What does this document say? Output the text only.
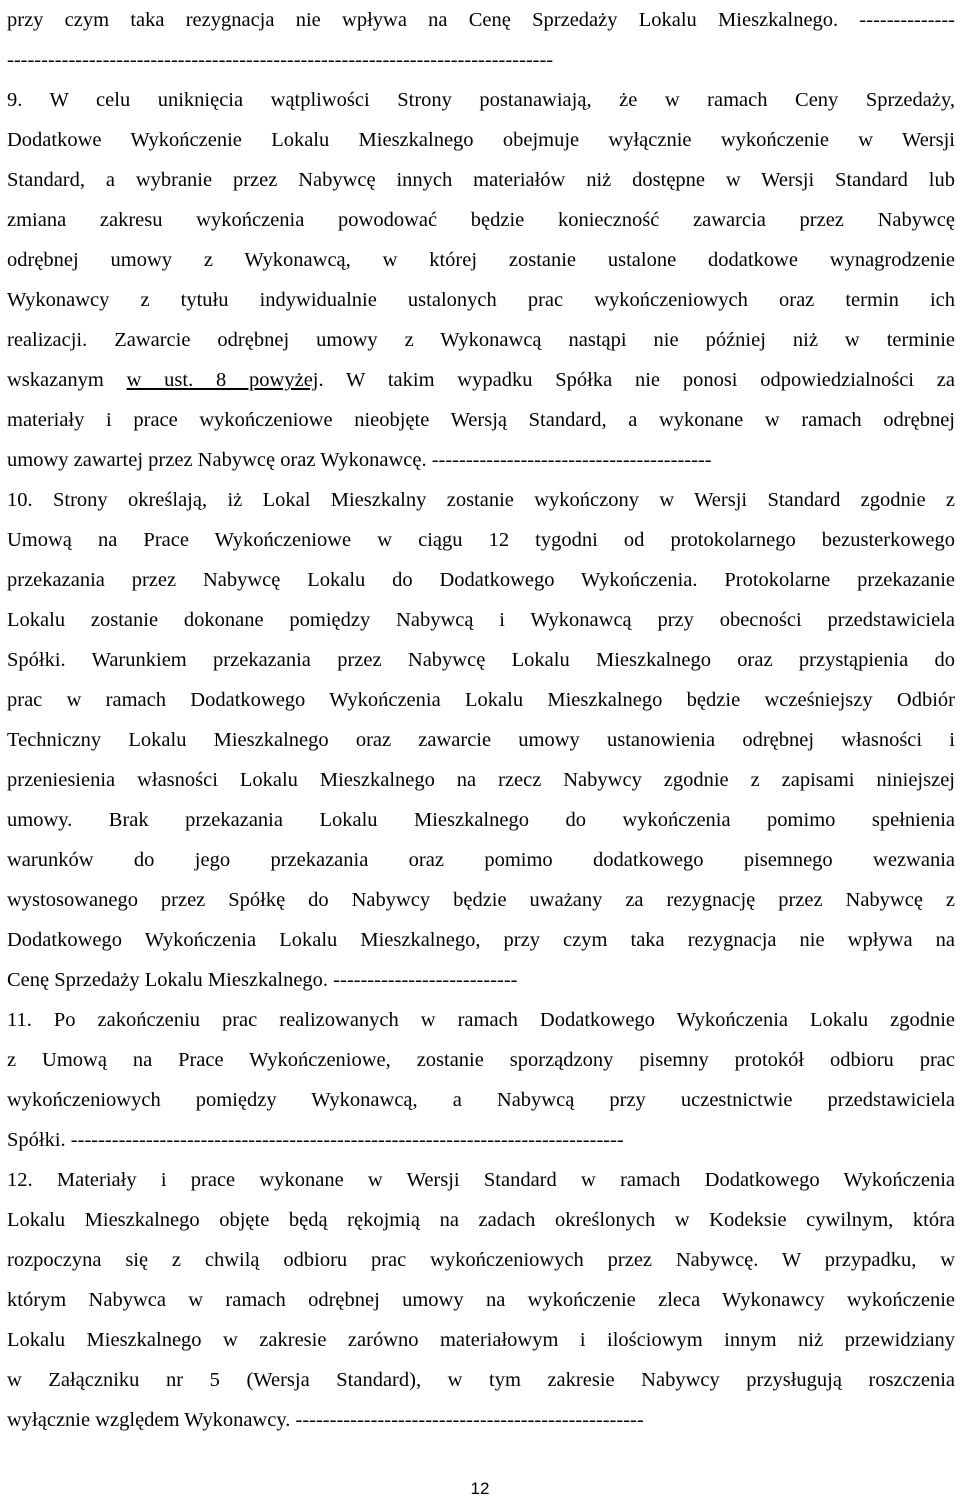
przy czym taka rezygnacja nie wpływa na Cenę Sprzedaży Lokalu Mieszkalnego. --------------
--------------------------------------------------------------------------------
9. W celu uniknięcia wątpliwości Strony postanawiają, że w ramach Ceny Sprzedaży,
Dodatkowe Wykończenie Lokalu Mieszkalnego obejmuje wyłącznie wykończenie w Wersji
Standard, a wybranie przez Nabywcę innych materiałów niż dostępne w Wersji Standard lub
zmiana zakresu wykończenia powodować będzie konieczność zawarcia przez Nabywcę
odrębnej umowy z Wykonawcą, w której zostanie ustalone dodatkowe wynagrodzenie
Wykonawcy z tytułu indywidualnie ustalonych prac wykończeniowych oraz termin ich
realizacji. Zawarcie odrębnej umowy z Wykonawcą nastąpi nie później niż w terminie
wskazanym w ust. 8 powyżej. W takim wypadku Spółka nie ponosi odpowiedzialności za
materiały i prace wykończeniowe nieobjęte Wersją Standard, a wykonane w ramach odrębnej
umowy zawartej przez Nabywcę oraz Wykonawcę. -----------------------------------------
10. Strony określają, iż Lokal Mieszkalny zostanie wykończony w Wersji Standard zgodnie z
Umową na Prace Wykończeniowe w ciągu 12 tygodni od protokolarnego bezusterkowego
przekazania przez Nabywcę Lokalu do Dodatkowego Wykończenia. Protokolarne przekazanie
Lokalu zostanie dokonane pomiędzy Nabywcą i Wykonawcą przy obecności przedstawiciela
Spółki. Warunkiem przekazania przez Nabywcę Lokalu Mieszkalnego oraz przystąpienia do
prac w ramach Dodatkowego Wykończenia Lokalu Mieszkalnego będzie wcześniejszy Odbiór
Techniczny Lokalu Mieszkalnego oraz zawarcie umowy ustanowienia odrębnej własności i
przeniesienia własności Lokalu Mieszkalnego na rzecz Nabywcy zgodnie z zapisami niniejszej
umowy. Brak przekazania Lokalu Mieszkalnego do wykończenia pomimo spełnienia
warunków do jego przekazania oraz pomimo dodatkowego pisemnego wezwania
wystosowanego przez Spółkę do Nabywcy będzie uważany za rezygnację przez Nabywcę z
Dodatkowego Wykończenia Lokalu Mieszkalnego, przy czym taka rezygnacja nie wpływa na
Cenę Sprzedaży Lokalu Mieszkalnego. ---------------------------
11. Po zakończeniu prac realizowanych w ramach Dodatkowego Wykończenia Lokalu zgodnie
z Umową na Prace Wykończeniowe, zostanie sporządzony pisemny protokół odbioru prac
wykończeniowych pomiędzy Wykonawcą, a Nabywcą przy uczestnictwie przedstawiciela
Spółki. ---------------------------------------------------------------------------------
12. Materiały i prace wykonane w Wersji Standard w ramach Dodatkowego Wykończenia
Lokalu Mieszkalnego objęte będą rękojmią na zadach określonych w Kodeksie cywilnym, która
rozpoczyna się z chwilą odbioru prac wykończeniowych przez Nabywcę. W przypadku, w
którym Nabywca w ramach odrębnej umowy na wykończenie zleca Wykonawcy wykończenie
Lokalu Mieszkalnego w zakresie zarówno materiałowym i ilościowym innym niż przewidziany
w Załączniku nr 5 (Wersja Standard), w tym zakresie Nabywcy przysługują roszczenia
wyłącznie względem Wykonawcy. ---------------------------------------------------
12
